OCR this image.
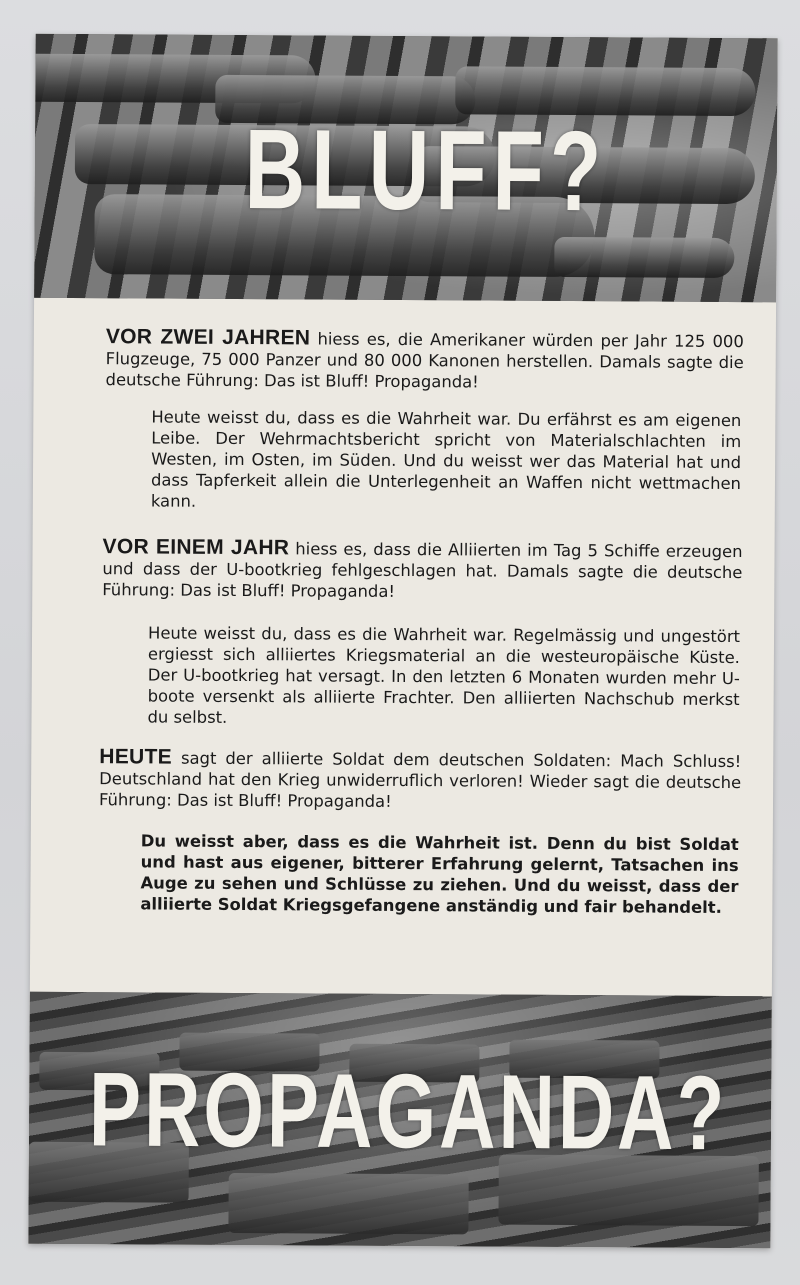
BLUFF?

VOR ZWEI JAHREN hiess es, die Amerikaner würden per Jahr 125 000 Flugzeuge, 75 000 Panzer und 80 000 Kanonen herstellen. Damals sagte die deutsche Führung: Das ist Bluff! Propaganda!

Heute weisst du, dass es die Wahrheit war. Du erfährst es am eigenen Leibe. Der Wehrmachtsbericht spricht von Materialschlachten im Westen, im Osten, im Süden. Und du weisst wer das Material hat und dass Tapferkeit allein die Unterlegenheit an Waffen nicht wettmachen kann.

VOR EINEM JAHR hiess es, dass die Alliierten im Tag 5 Schiffe erzeugen und dass der U-bootkrieg fehlgeschlagen hat. Damals sagte die deutsche Führung: Das ist Bluff! Propaganda!

Heute weisst du, dass es die Wahrheit war. Regelmässig und ungestört ergiesst sich alliiertes Kriegsmaterial an die westeuropäische Küste. Der U-bootkrieg hat versagt. In den letzten 6 Monaten wurden mehr U-boote versenkt als alliierte Frachter. Den alliierten Nachschub merkst du selbst.

HEUTE sagt der alliierte Soldat dem deutschen Soldaten: Mach Schluss! Deutschland hat den Krieg unwiderruflich verloren! Wieder sagt die deutsche Führung: Das ist Bluff! Propaganda!

Du weisst aber, dass es die Wahrheit ist. Denn du bist Soldat und hast aus eigener, bitterer Erfahrung gelernt, Tatsachen ins Auge zu sehen und Schlüsse zu ziehen. Und du weisst, dass der alliierte Soldat Kriegsgefangene anständig und fair behandelt.

PROPAGANDA?
